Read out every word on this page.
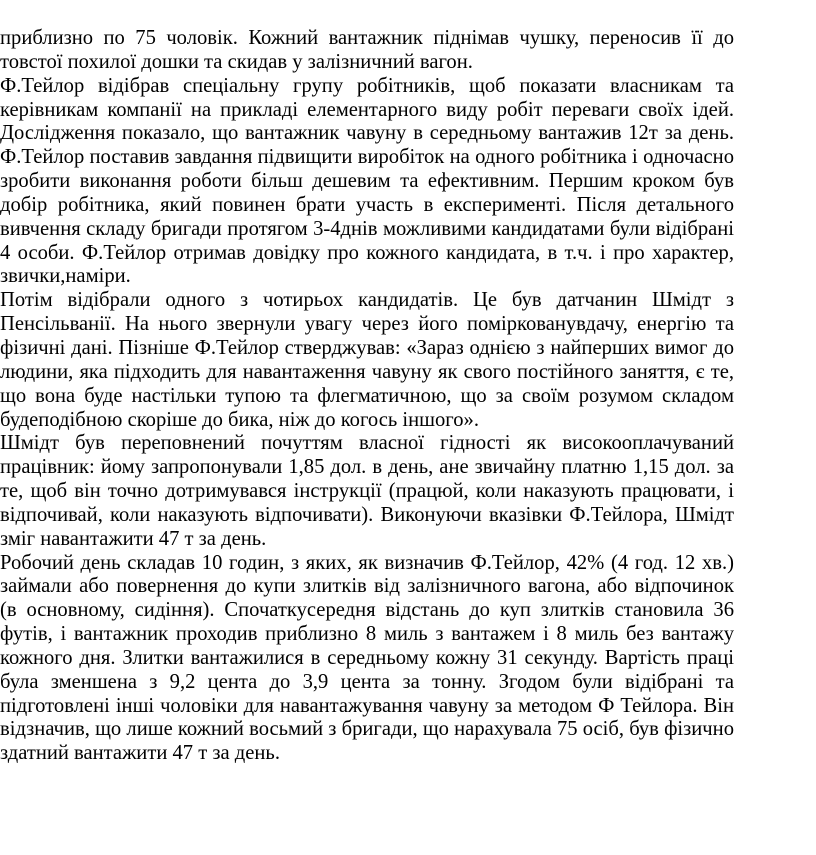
приблизно по 75 чоловік. Кожний вантажник піднімав чушку, переносив її до товстої похилої дошки та скидав у залізничний вагон.

Ф.Тейлор відібрав спеціальну групу робітників, щоб показати власникам та керівникам компанії на прикладі елементарного виду робіт переваги своїх ідей. Дослідження показало, що вантажник чавуну в середньому вантажив 12т за день. Ф.Тейлор поставив завдання підвищити виробіток на одного робітника і одночасно зробити виконання роботи більш дешевим та ефективним. Першим кроком був добір робітника, який повинен брати участь в експерименті. Після детального вивчення складу бригади протягом 3-4днів можливими кандидатами були відібрані 4 особи. Ф.Тейлор отримав довідку про кожного кандидата, в т.ч. і про характер, звички,наміри.

Потім відібрали одного з чотирьох кандидатів. Це був датчанин Шмідт з Пенсільванії. На нього звернули увагу через його поміркованувдачу, енергію та фізичні дані. Пізніше Ф.Тейлор стверджував: «Зараз однією з найперших вимог до людини, яка підходить для навантаження чавуну як свого постійного заняття, є те, що вона буде настільки тупою та флегматичною, що за своїм розумом складом будеподібною скоріше до бика, ніж до когось іншого».

Шмідт був переповнений почуттям власної гідності як високооплачуваний працівник: йому запропонували 1,85 дол. в день, ане звичайну платню 1,15 дол. за те, щоб він точно дотримувався інструкції (працюй, коли наказують працювати, і відпочивай, коли наказують відпочивати). Виконуючи вказівки Ф.Тейлора, Шмідт зміг навантажити 47 т за день.

Робочий день складав 10 годин, з яких, як визначив Ф.Тейлор, 42% (4 год. 12 хв.) займали або повернення до купи злитків від залізничного вагона, або відпочинок (в основному, сидіння). Спочаткусередня відстань до куп злитків становила 36 футів, і вантажник проходив приблизно 8 миль з вантажем і 8 миль без вантажу кожного дня. Злитки вантажилися в середньому кожну 31 секунду. Вартість праці була зменшена з 9,2 цента до 3,9 цента за тонну. Згодом були відібрані та підготовлені інші чоловіки для навантажування чавуну за методом Ф Тейлора. Він відзначив, що лише кожний восьмий з бригади, що нарахувала 75 осіб, був фізично здатний вантажити 47 т за день.
